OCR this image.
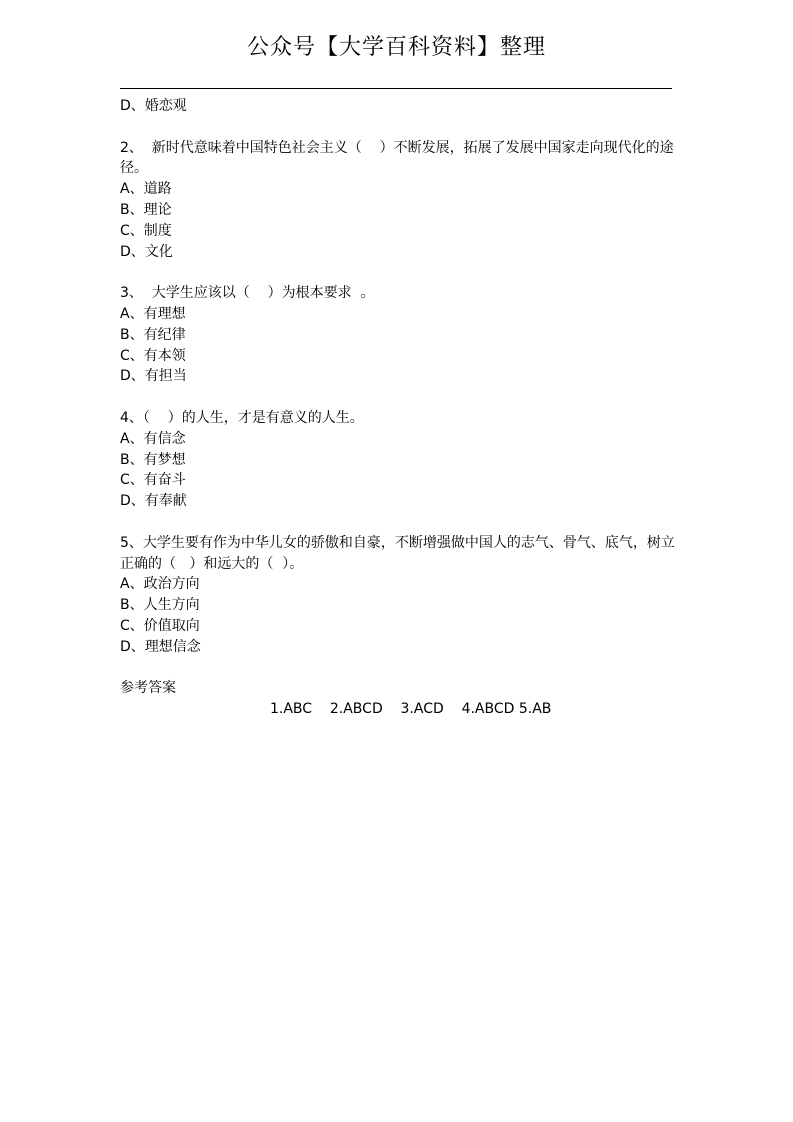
公众号【大学百科资料】整理

D、婚恋观

2、  新时代意味着中国特色社会主义（    ）不断发展，拓展了发展中国家走向现代化的途径。

A、道路

B、理论

C、制度

D、文化

3、  大学生应该以（    ）为根本要求  。

A、有理想

B、有纪律

C、有本领

D、有担当

4、（    ）的人生，才是有意义的人生。

A、有信念

B、有梦想

C、有奋斗

D、有奉献

5、大学生要有作为中华儿女的骄傲和自豪，不断增强做中国人的志气、骨气、底气，树立正确的（   ）和远大的（  ）。

A、政治方向

B、人生方向

C、价值取向

D、理想信念

参考答案

1.ABC    2.ABCD    3.ACD    4.ABCD 5.AB
